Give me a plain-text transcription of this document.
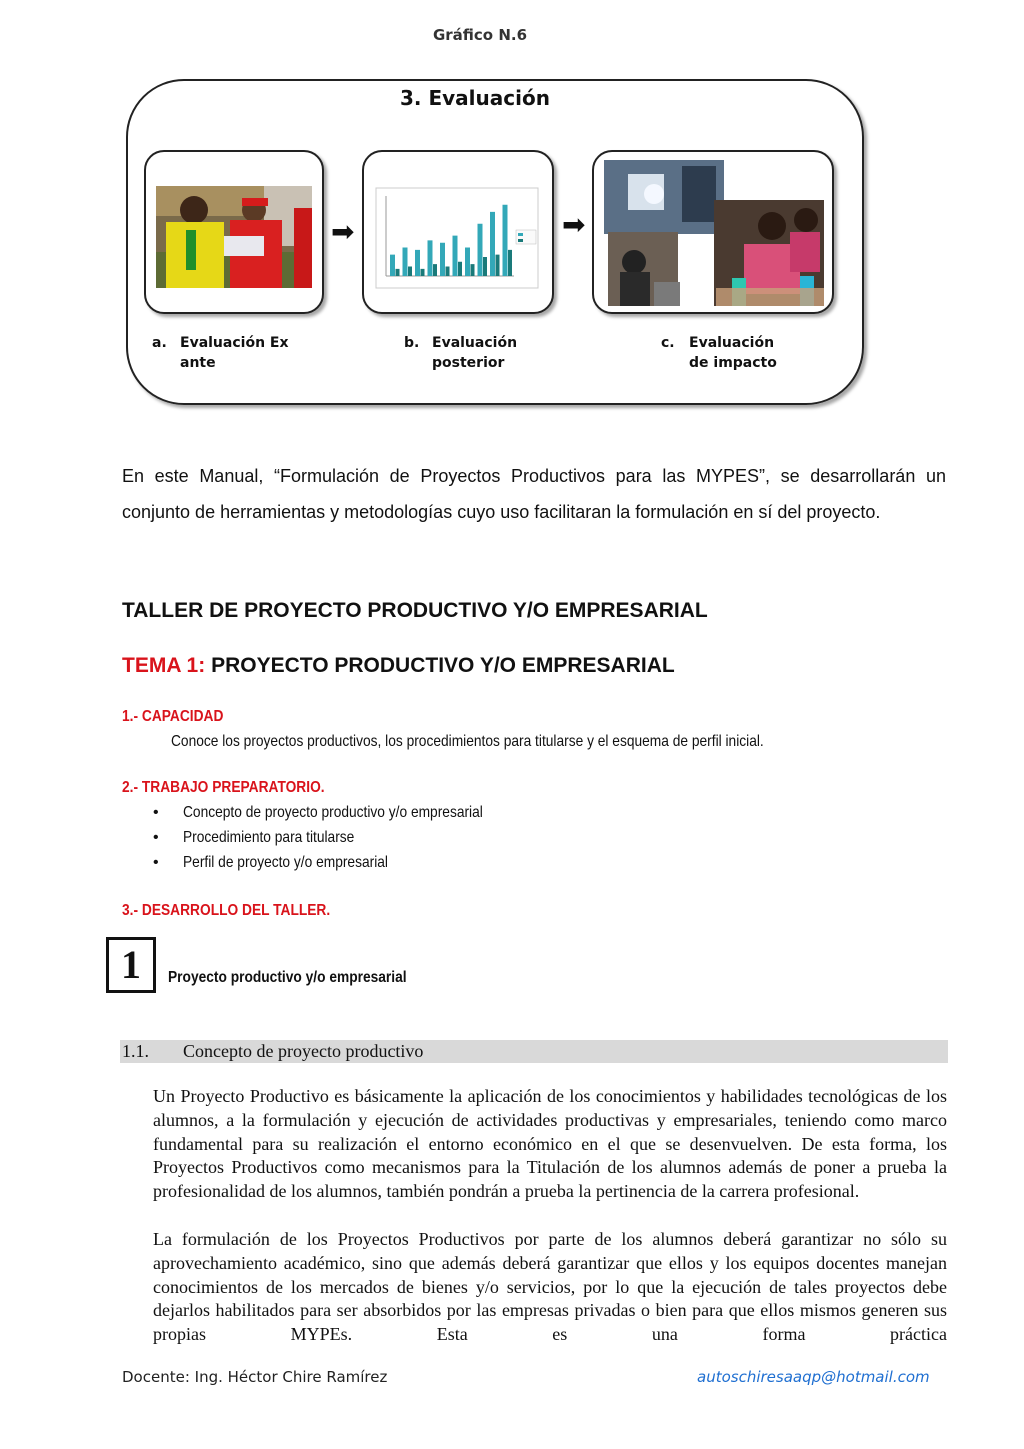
Gráfico N.6
3. Evaluación
➡	➡
a. Evaluación Ex
ante
b. Evaluación
posterior
c. Evaluación
de impacto
En este Manual, “Formulación de Proyectos Productivos para las MYPES”, se desarrollarán un conjunto de herramientas y metodologías cuyo uso facilitaran la formulación en sí del proyecto.
TALLER DE PROYECTO PRODUCTIVO Y/O EMPRESARIAL
TEMA 1: PROYECTO PRODUCTIVO Y/O EMPRESARIAL
1.- CAPACIDAD
Conoce los proyectos productivos, los procedimientos para titularse y el esquema de perfil inicial.
2.- TRABAJO PREPARATORIO.
• Concepto de proyecto productivo y/o empresarial
• Procedimiento para titularse
• Perfil de proyecto y/o empresarial
3.- DESARROLLO DEL TALLER.
1	Proyecto productivo y/o empresarial
1.1. Concepto de proyecto productivo
Un Proyecto Productivo es básicamente la aplicación de los conocimientos y habilidades tecnológicas de los alumnos, a la formulación y ejecución de actividades productivas y empresariales, teniendo como marco fundamental para su realización el entorno económico en el que se desenvuelven. De esta forma, los Proyectos Productivos como mecanismos para la Titulación de los alumnos además de poner a prueba la profesionalidad de los alumnos, también pondrán a prueba la pertinencia de la carrera profesional.
La formulación de los Proyectos Productivos por parte de los alumnos deberá garantizar no sólo su aprovechamiento académico, sino que además deberá garantizar que ellos y los equipos docentes manejan conocimientos de los mercados de bienes y/o servicios, por lo que la ejecución de tales proyectos debe dejarlos habilitados para ser absorbidos por las empresas privadas o bien para que ellos mismos generen sus propias MYPEs. Esta es una forma práctica
Docente: Ing. Héctor Chire Ramírez	autoschiresaaqp@hotmail.com
